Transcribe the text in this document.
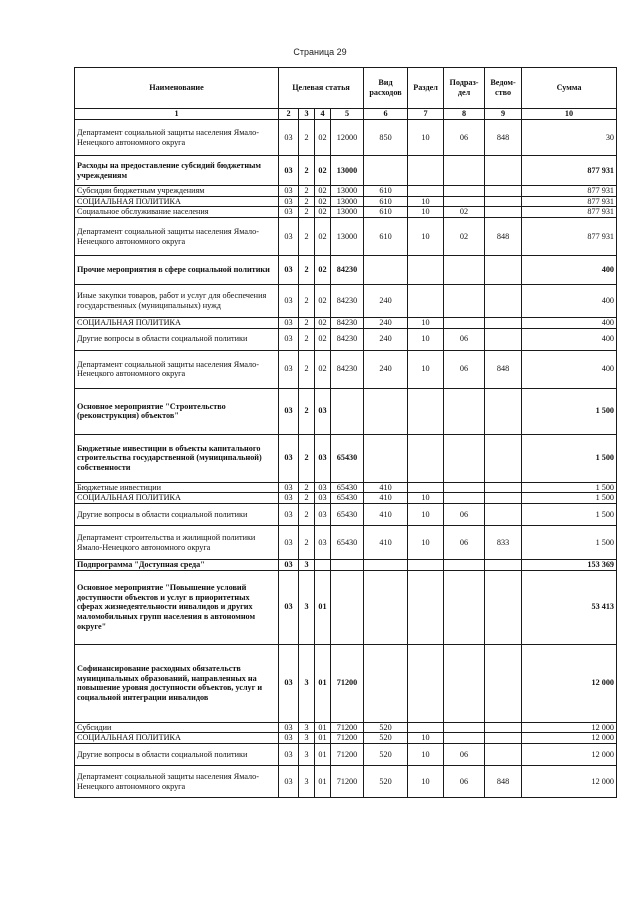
Страница 29
Наименование	Целевая статья				Вид расходов	Раздел	Подраз-дел	Ведом-ство	Сумма
1	2	3	4	5	6	7	8	9	10
Департамент социальной защиты населения Ямало-Ненецкого автономного округа	03	2	02	12000	850	10	06	848	30
Расходы на предоставление субсидий бюджетным учреждениям	03	2	02	13000					877 931
Субсидии бюджетным учреждениям	03	2	02	13000	610				877 931
СОЦИАЛЬНАЯ ПОЛИТИКА	03	2	02	13000	610	10			877 931
Социальное обслуживание населения	03	2	02	13000	610	10	02		877 931
Департамент социальной защиты населения Ямало-Ненецкого автономного округа	03	2	02	13000	610	10	02	848	877 931
Прочие мероприятия в сфере социальной политики	03	2	02	84230					400
Иные закупки товаров, работ и услуг для обеспечения государственных (муниципальных) нужд	03	2	02	84230	240				400
СОЦИАЛЬНАЯ ПОЛИТИКА	03	2	02	84230	240	10			400
Другие вопросы в области социальной политики	03	2	02	84230	240	10	06		400
Департамент социальной защиты населения Ямало-Ненецкого автономного округа	03	2	02	84230	240	10	06	848	400
Основное мероприятие "Строительство (реконструкция) объектов"	03	2	03						1 500
Бюджетные инвестиции в объекты капитального строительства государственной (муниципальной) собственности	03	2	03	65430					1 500
Бюджетные инвестиции	03	2	03	65430	410				1 500
СОЦИАЛЬНАЯ ПОЛИТИКА	03	2	03	65430	410	10			1 500
Другие вопросы в области социальной политики	03	2	03	65430	410	10	06		1 500
Департамент строительства и жилищной политики Ямало-Ненецкого автономного округа	03	2	03	65430	410	10	06	833	1 500
Подпрограмма "Доступная среда"	03	3							153 369
Основное мероприятие "Повышение условий доступности объектов и услуг в приоритетных сферах жизнедеятельности инвалидов и других маломобильных групп населения в автономном округе"	03	3	01						53 413
Софинансирование расходных обязательств муниципальных образований, направленных на повышение уровня доступности объектов, услуг и социальной интеграции инвалидов	03	3	01	71200					12 000
Субсидии	03	3	01	71200	520				12 000
СОЦИАЛЬНАЯ ПОЛИТИКА	03	3	01	71200	520	10			12 000
Другие вопросы в области социальной политики	03	3	01	71200	520	10	06		12 000
Департамент социальной защиты населения Ямало-Ненецкого автономного округа	03	3	01	71200	520	10	06	848	12 000
